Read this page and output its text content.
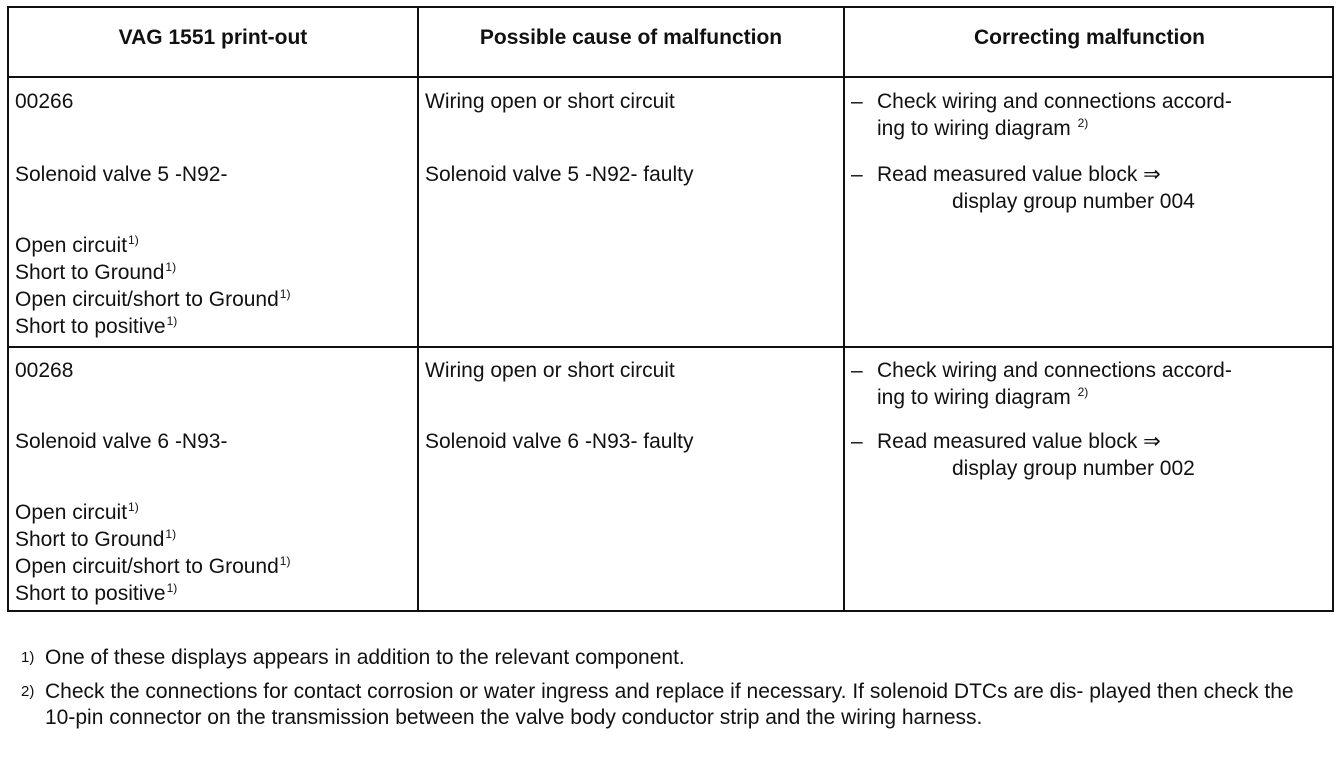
VAG 1551 print-out	Possible cause of malfunction	Correcting malfunction
00266
Solenoid valve 5 -N92-
Open circuit$^{1)}$
Short to Ground$^{1)}$
Open circuit/short to Ground$^{1)}$
Short to positive$^{1)}$
Wiring open or short circuit
Solenoid valve 5 -N92- faulty
– Check wiring and connections accord-
ing to wiring diagram $^{2)}$
– Read measured value block ⇒
display group number 004
00268
Solenoid valve 6 -N93-
Open circuit$^{1)}$
Short to Ground$^{1)}$
Open circuit/short to Ground$^{1)}$
Short to positive$^{1)}$
Wiring open or short circuit
Solenoid valve 6 -N93- faulty
– Check wiring and connections accord-
ing to wiring diagram $^{2)}$
– Read measured value block ⇒
display group number 002
1) One of these displays appears in addition to the relevant component.
2) Check the connections for contact corrosion or water ingress and replace if necessary. If solenoid DTCs are dis- played then check the 10-pin connector on the transmission between the valve body conductor strip and the wiring harness.
